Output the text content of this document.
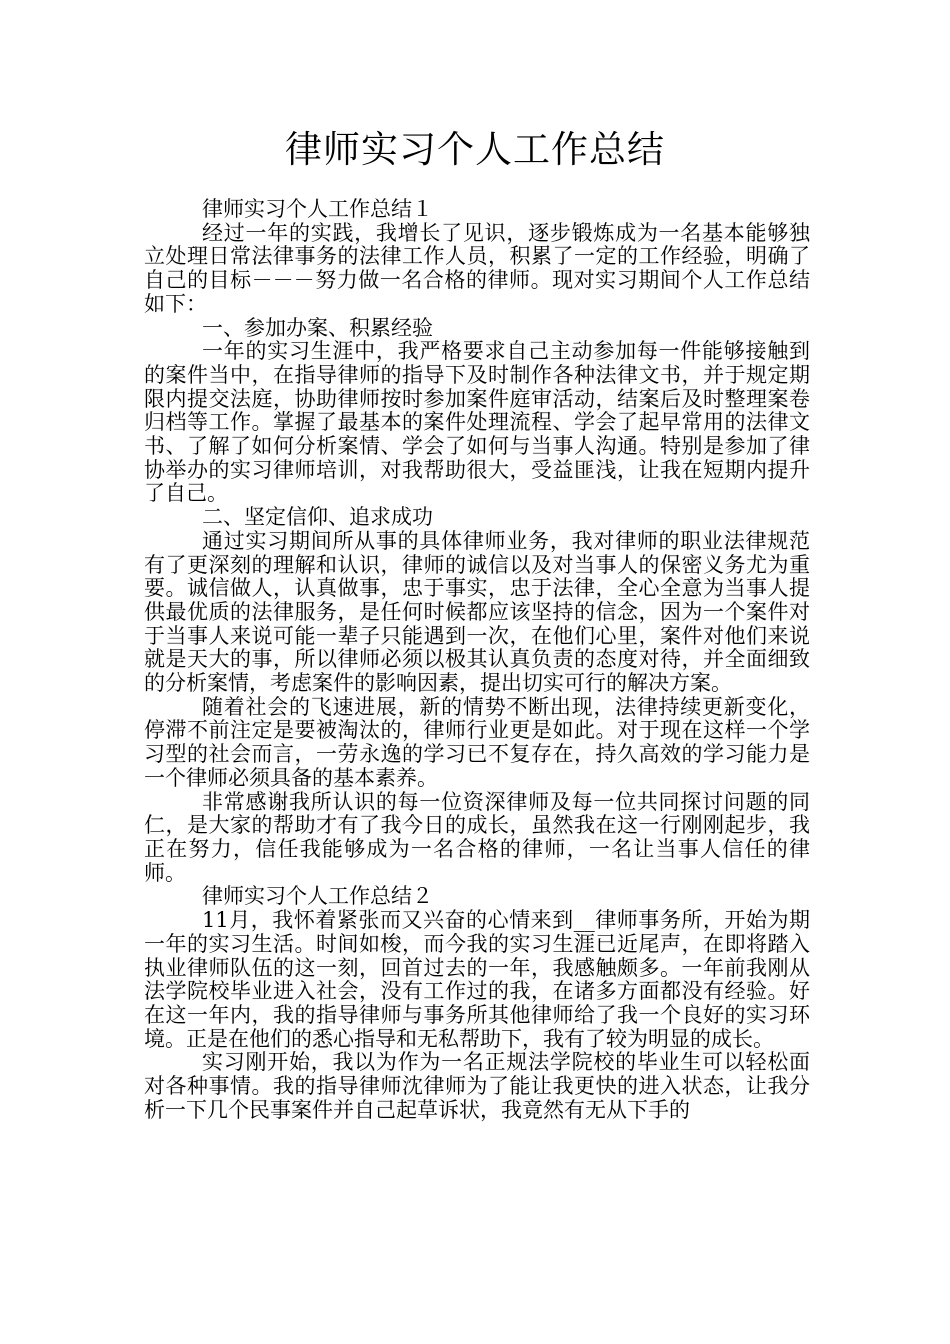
律师实习个人工作总结

律师实习个人工作总结１

经过一年的实践，我增长了见识，逐步锻炼成为一名基本能够独立处理日常法律事务的法律工作人员，积累了一定的工作经验，明确了自己的目标－－－努力做一名合格的律师。现对实习期间个人工作总结如下：

一、参加办案、积累经验

一年的实习生涯中，我严格要求自己主动参加每一件能够接触到的案件当中，在指导律师的指导下及时制作各种法律文书，并于规定期限内提交法庭，协助律师按时参加案件庭审活动，结案后及时整理案卷归档等工作。掌握了最基本的案件处理流程、学会了起早常用的法律文书、了解了如何分析案情、学会了如何与当事人沟通。特别是参加了律协举办的实习律师培训，对我帮助很大，受益匪浅，让我在短期内提升了自己。

二、坚定信仰、追求成功

通过实习期间所从事的具体律师业务，我对律师的职业法律规范有了更深刻的理解和认识，律师的诚信以及对当事人的保密义务尤为重要。诚信做人，认真做事，忠于事实，忠于法律，全心全意为当事人提供最优质的法律服务，是任何时候都应该坚持的信念，因为一个案件对于当事人来说可能一辈子只能遇到一次，在他们心里，案件对他们来说就是天大的事，所以律师必须以极其认真负责的态度对待，并全面细致的分析案情，考虑案件的影响因素，提出切实可行的解决方案。

随着社会的飞速进展，新的情势不断出现，法律持续更新变化，停滞不前注定是要被淘汰的，律师行业更是如此。对于现在这样一个学习型的社会而言，一劳永逸的学习已不复存在，持久高效的学习能力是一个律师必须具备的基本素养。

非常感谢我所认识的每一位资深律师及每一位共同探讨问题的同仁，是大家的帮助才有了我今日的成长，虽然我在这一行刚刚起步，我正在努力，信任我能够成为一名合格的律师，一名让当事人信任的律师。

律师实习个人工作总结２

11月，我怀着紧张而又兴奋的心情来到__律师事务所，开始为期一年的实习生活。时间如梭，而今我的实习生涯已近尾声，在即将踏入执业律师队伍的这一刻，回首过去的一年，我感触颇多。一年前我刚从法学院校毕业进入社会，没有工作过的我，在诸多方面都没有经验。好在这一年内，我的指导律师与事务所其他律师给了我一个良好的实习环境。正是在他们的悉心指导和无私帮助下，我有了较为明显的成长。

实习刚开始，我以为作为一名正规法学院校的毕业生可以轻松面对各种事情。我的指导律师沈律师为了能让我更快的进入状态，让我分析一下几个民事案件并自己起草诉状，我竟然有无从下手的
